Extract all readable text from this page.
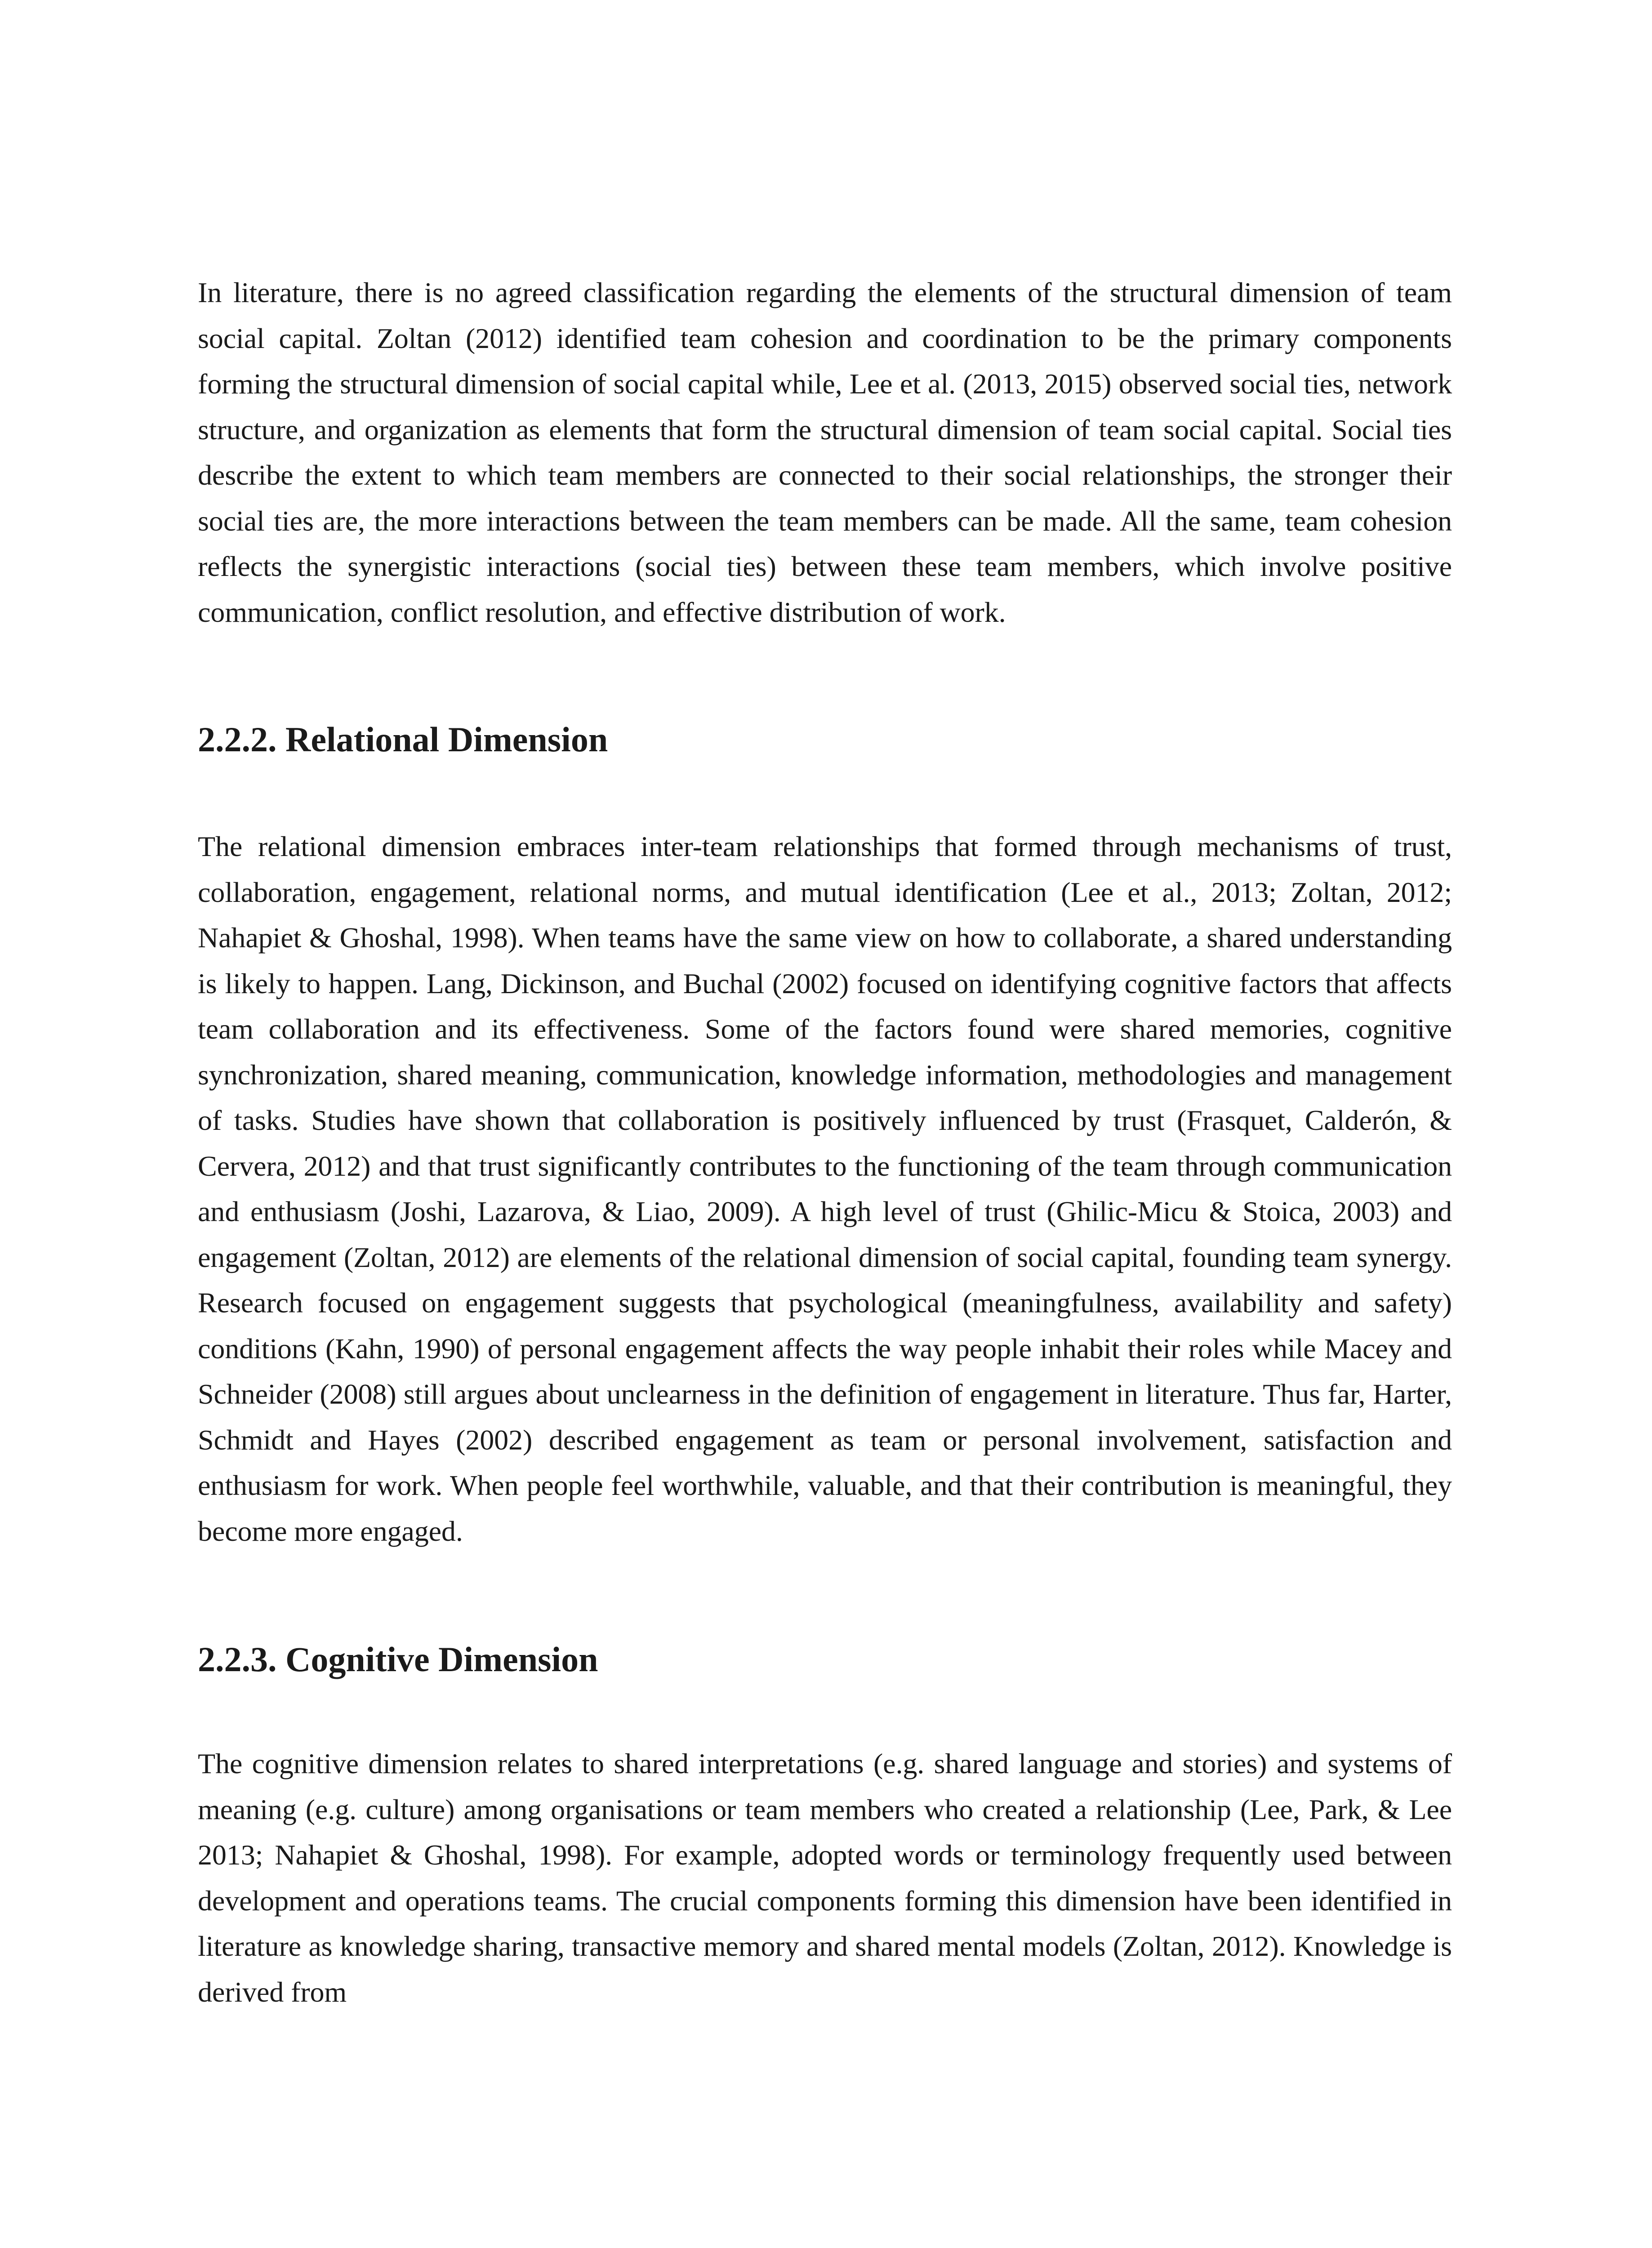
In literature, there is no agreed classification regarding the elements of the structural dimension of team social capital. Zoltan (2012) identified team cohesion and coordination to be the primary components forming the structural dimension of social capital while, Lee et al. (2013, 2015) observed social ties, network structure, and organization as elements that form the structural dimension of team social capital. Social ties describe the extent to which team members are connected to their social relationships, the stronger their social ties are, the more interactions between the team members can be made. All the same, team cohesion reflects the synergistic interactions (social ties) between these team members, which involve positive communication, conflict resolution, and effective distribution of work.

2.2.2. Relational Dimension

The relational dimension embraces inter-team relationships that formed through mechanisms of trust, collaboration, engagement, relational norms, and mutual identification (Lee et al., 2013; Zoltan, 2012; Nahapiet & Ghoshal, 1998). When teams have the same view on how to collaborate, a shared understanding is likely to happen. Lang, Dickinson, and Buchal (2002) focused on identifying cognitive factors that affects team collaboration and its effectiveness. Some of the factors found were shared memories, cognitive synchronization, shared meaning, communication, knowledge information, methodologies and management of tasks. Studies have shown that collaboration is positively influenced by trust (Frasquet, Calderón, & Cervera, 2012) and that trust significantly contributes to the functioning of the team through communication and enthusiasm (Joshi, Lazarova, & Liao, 2009). A high level of trust (Ghilic-Micu & Stoica, 2003) and engagement (Zoltan, 2012) are elements of the relational dimension of social capital, founding team synergy. Research focused on engagement suggests that psychological (meaningfulness, availability and safety) conditions (Kahn, 1990) of personal engagement affects the way people inhabit their roles while Macey and Schneider (2008) still argues about unclearness in the definition of engagement in literature. Thus far, Harter, Schmidt and Hayes (2002) described engagement as team or personal involvement, satisfaction and enthusiasm for work. When people feel worthwhile, valuable, and that their contribution is meaningful, they become more engaged.

2.2.3. Cognitive Dimension

The cognitive dimension relates to shared interpretations (e.g. shared language and stories) and systems of meaning (e.g. culture) among organisations or team members who created a relationship (Lee, Park, & Lee 2013; Nahapiet & Ghoshal, 1998). For example, adopted words or terminology frequently used between development and operations teams. The crucial components forming this dimension have been identified in literature as knowledge sharing, transactive memory and shared mental models (Zoltan, 2012). Knowledge is derived from
